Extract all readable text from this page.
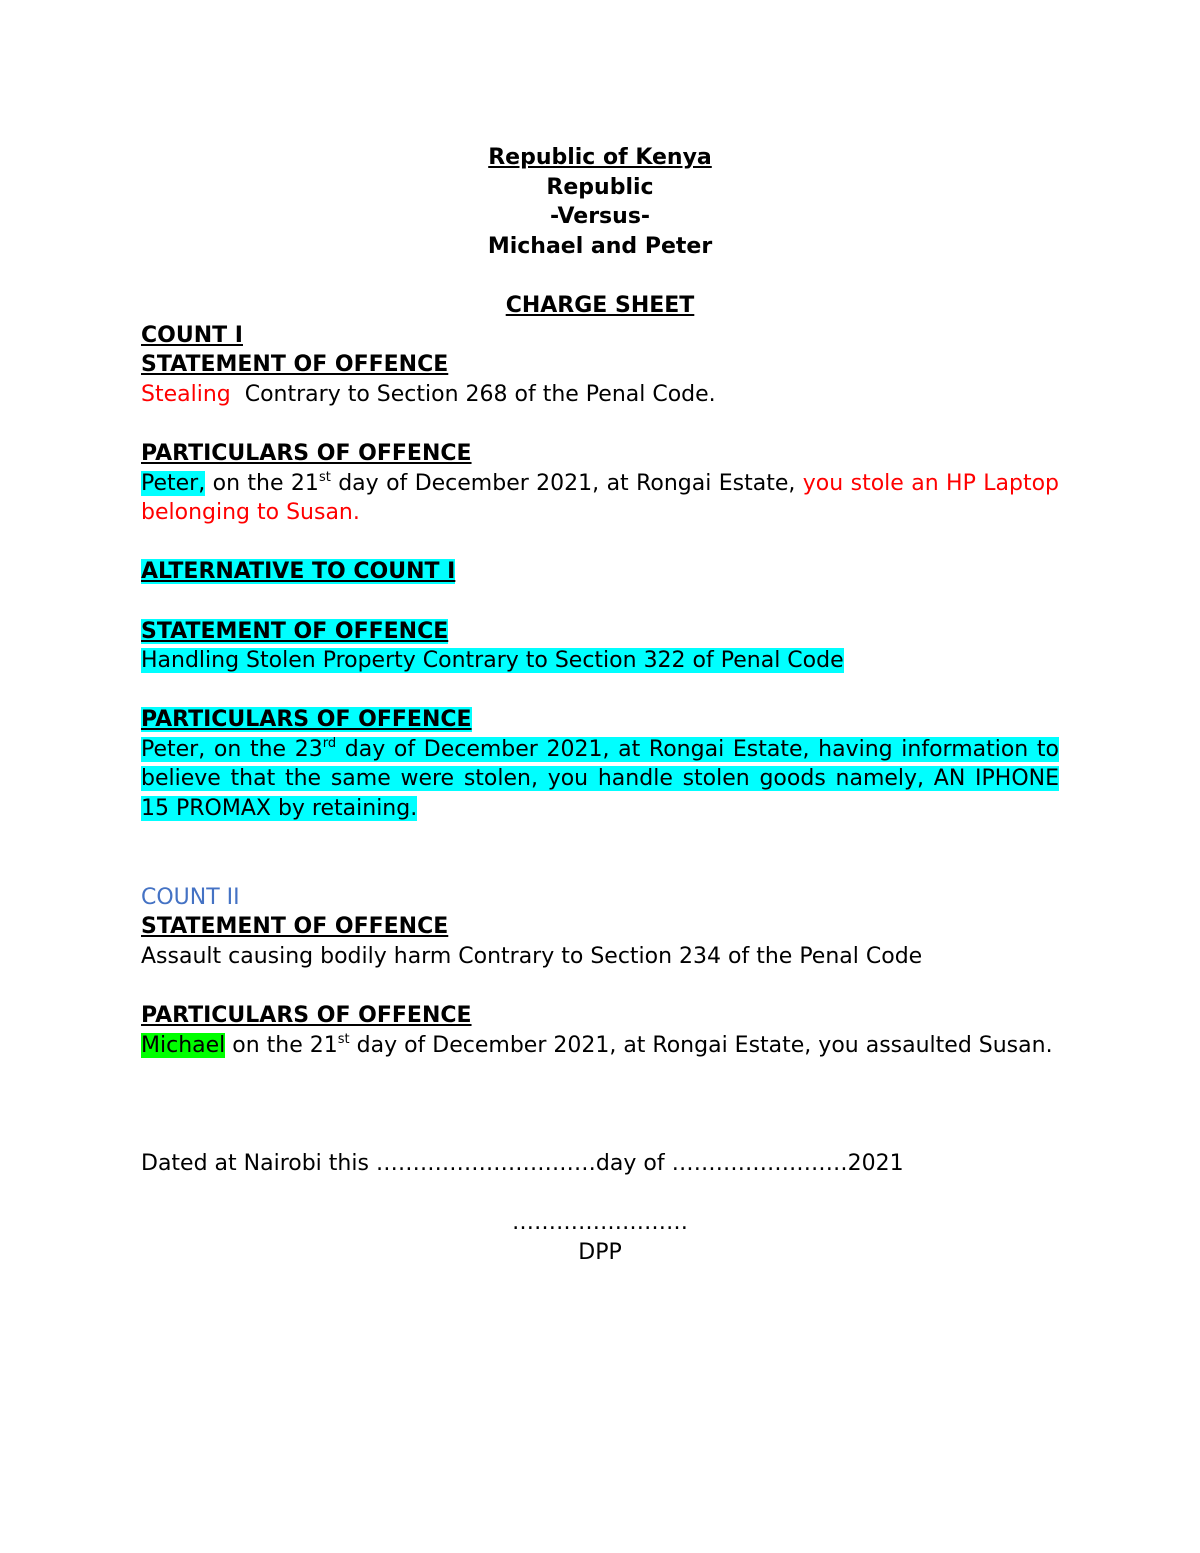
Republic of Kenya

Republic

-Versus-

Michael and Peter

CHARGE SHEET

COUNT I

STATEMENT OF OFFENCE

Stealing  Contrary to Section 268 of the Penal Code.

PARTICULARS OF OFFENCE

Peter, on the 21st day of December 2021, at Rongai Estate, you stole an HP Laptop belonging to Susan.

ALTERNATIVE TO COUNT I

STATEMENT OF OFFENCE

Handling Stolen Property Contrary to Section 322 of Penal Code

PARTICULARS OF OFFENCE

Peter, on the 23rd day of December 2021, at Rongai Estate, having information to believe that the same were stolen, you handle stolen goods namely, AN IPHONE 15 PROMAX by retaining.

COUNT II

STATEMENT OF OFFENCE

Assault causing bodily harm Contrary to Section 234 of the Penal Code

PARTICULARS OF OFFENCE

Michael on the 21st day of December 2021, at Rongai Estate, you assaulted Susan.

Dated at Nairobi this …………………………day of ……………………2021

……………………

DPP
